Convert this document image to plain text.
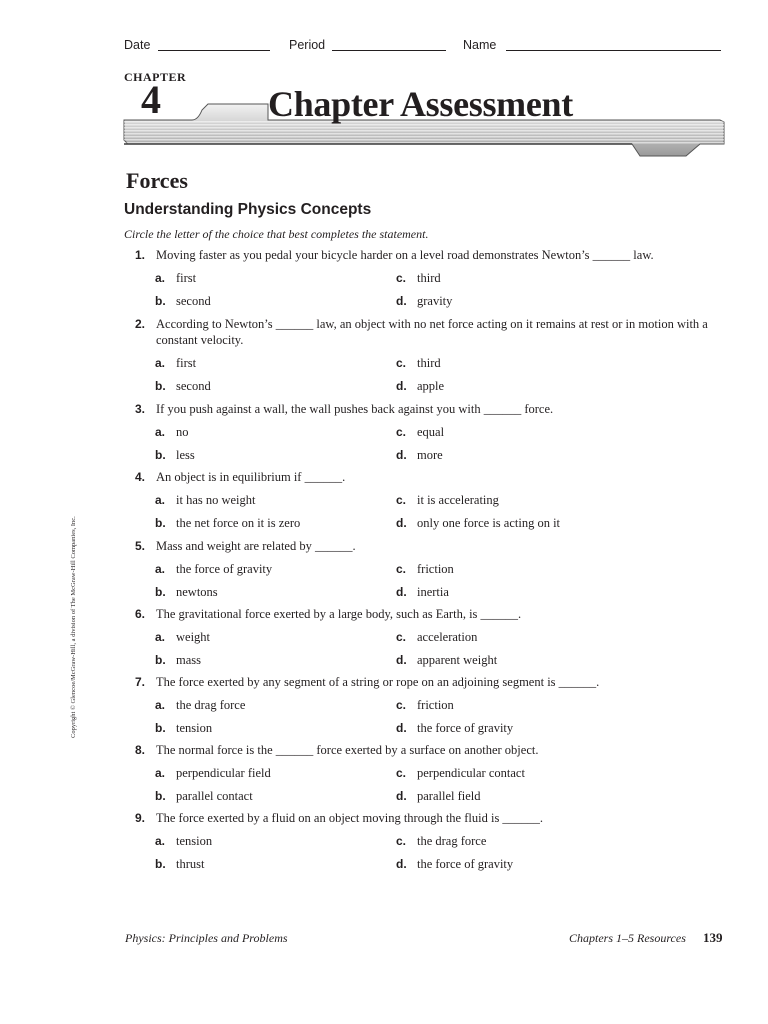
Date	Period	Name
CHAPTER
4	Chapter Assessment
Forces
Understanding Physics Concepts
Circle the letter of the choice that best completes the statement.
1. Moving faster as you pedal your bicycle harder on a level road demonstrates Newton’s ______ law.
a. first	c. third
b. second	d. gravity
2. According to Newton’s ______ law, an object with no net force acting on it remains at rest or in motion with a constant velocity.
a. first	c. third
b. second	d. apple
3. If you push against a wall, the wall pushes back against you with ______ force.
a. no	c. equal
b. less	d. more
4. An object is in equilibrium if ______.
a. it has no weight	c. it is accelerating
b. the net force on it is zero	d. only one force is acting on it
5. Mass and weight are related by ______.
a. the force of gravity	c. friction
b. newtons	d. inertia
6. The gravitational force exerted by a large body, such as Earth, is ______.
a. weight	c. acceleration
b. mass	d. apparent weight
7. The force exerted by any segment of a string or rope on an adjoining segment is ______.
a. the drag force	c. friction
b. tension	d. the force of gravity
8. The normal force is the ______ force exerted by a surface on another object.
a. perpendicular field	c. perpendicular contact
b. parallel contact	d. parallel field
9. The force exerted by a fluid on an object moving through the fluid is ______.
a. tension	c. the drag force
b. thrust	d. the force of gravity
Copyright © Glencoe/McGraw-Hill, a division of The McGraw-Hill Companies, Inc.
Physics: Principles and Problems	Chapters 1–5 Resources 139
